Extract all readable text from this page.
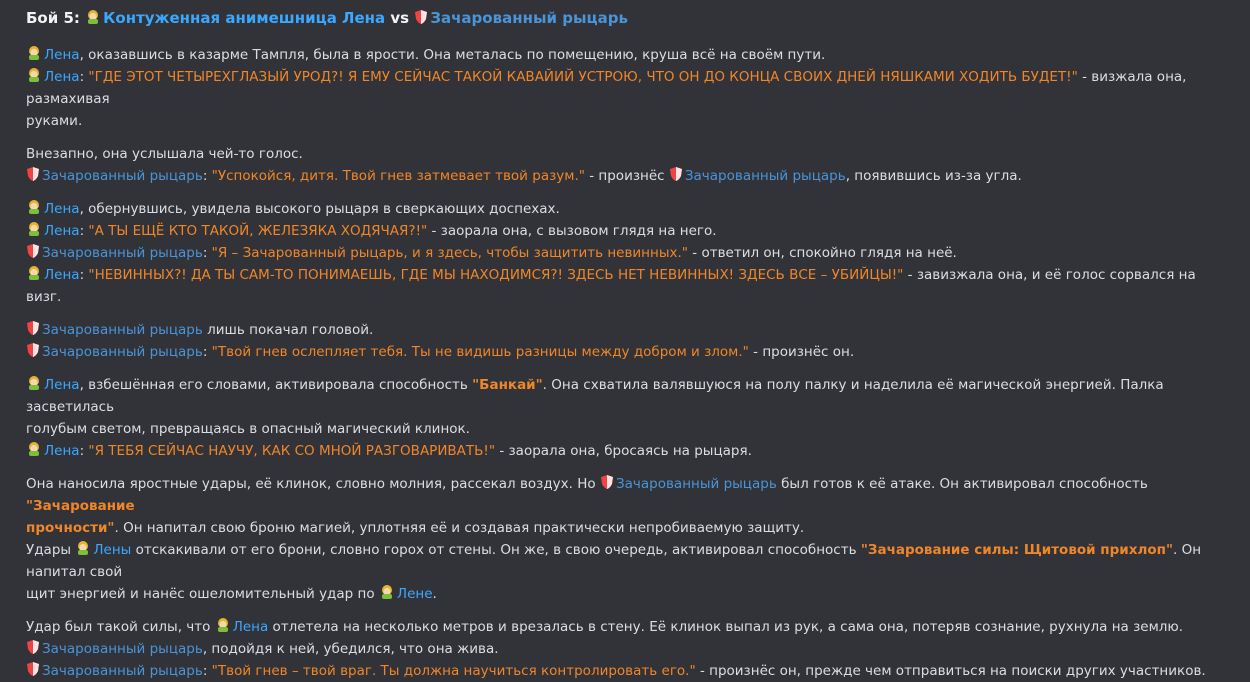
Бой 5: Контуженная анимешница Лена vs Зачарованный рыцарь
Лена, оказавшись в казарме Тампля, была в ярости. Она металась по помещению, круша всё на своём пути.
Лена: "ГДЕ ЭТОТ ЧЕТЫРЕХГЛАЗЫЙ УРОД?! Я ЕМУ СЕЙЧАС ТАКОЙ КАВАЙИЙ УСТРОЮ, ЧТО ОН ДО КОНЦА СВОИХ ДНЕЙ НЯШКАМИ ХОДИТЬ БУДЕТ!" - визжала она, размахивая
руками.
Внезапно, она услышала чей-то голос.
Зачарованный рыцарь: "Успокойся, дитя. Твой гнев затмевает твой разум." - произнёс Зачарованный рыцарь, появившись из-за угла.
Лена, обернувшись, увидела высокого рыцаря в сверкающих доспехах.
Лена: "А ТЫ ЕЩЁ КТО ТАКОЙ, ЖЕЛЕЗЯКА ХОДЯЧАЯ?!" - заорала она, с вызовом глядя на него.
Зачарованный рыцарь: "Я – Зачарованный рыцарь, и я здесь, чтобы защитить невинных." - ответил он, спокойно глядя на неё.
Лена: "НЕВИННЫХ?! ДА ТЫ САМ-ТО ПОНИМАЕШЬ, ГДЕ МЫ НАХОДИМСЯ?! ЗДЕСЬ НЕТ НЕВИННЫХ! ЗДЕСЬ ВСЕ – УБИЙЦЫ!" - завизжала она, и её голос сорвался на визг.
Зачарованный рыцарь лишь покачал головой.
Зачарованный рыцарь: "Твой гнев ослепляет тебя. Ты не видишь разницы между добром и злом." - произнёс он.
Лена, взбешённая его словами, активировала способность "Банкай". Она схватила валявшуюся на полу палку и наделила её магической энергией. Палка засветилась
голубым светом, превращаясь в опасный магический клинок.
Лена: "Я ТЕБЯ СЕЙЧАС НАУЧУ, КАК СО МНОЙ РАЗГОВАРИВАТЬ!" - заорала она, бросаясь на рыцаря.
Она наносила яростные удары, её клинок, словно молния, рассекал воздух. Но Зачарованный рыцарь был готов к её атаке. Он активировал способность "Зачарование
прочности". Он напитал свою броню магией, уплотняя её и создавая практически непробиваемую защиту.
Удары Лены отскакивали от его брони, словно горох от стены. Он же, в свою очередь, активировал способность "Зачарование силы: Щитовой прихлоп". Он напитал свой
щит энергией и нанёс ошеломительный удар по Лене.
Удар был такой силы, что Лена отлетела на несколько метров и врезалась в стену. Её клинок выпал из рук, а сама она, потеряв сознание, рухнула на землю.
Зачарованный рыцарь, подойдя к ней, убедился, что она жива.
Зачарованный рыцарь: "Твой гнев – твой враг. Ты должна научиться контролировать его." - произнёс он, прежде чем отправиться на поиски других участников.
